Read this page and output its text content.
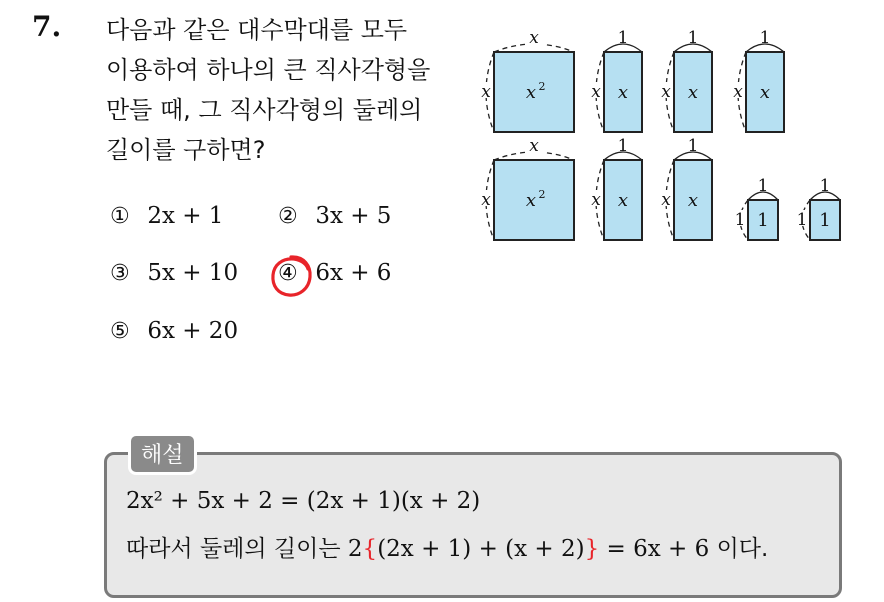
7. 다음과 같은 대수막대를 모두
이용하여 하나의 큰 직사각형을
만들 때, 그 직사각형의 둘레의
길이를 구하면?
① 2x + 1 ② 3x + 5
③ 5x + 10 ④ 6x + 6
⑤ 6x + 20
x
x x 2
1
x x
1
x x
1
x x
x
x x 2
1
x x
1
x x
1
1 1
1
1 1
해설
2x² + 5x + 2 = (2x + 1)(x + 2)
따라서 둘레의 길이는 2{(2x + 1) + (x + 2)} = 6x + 6 이다.
